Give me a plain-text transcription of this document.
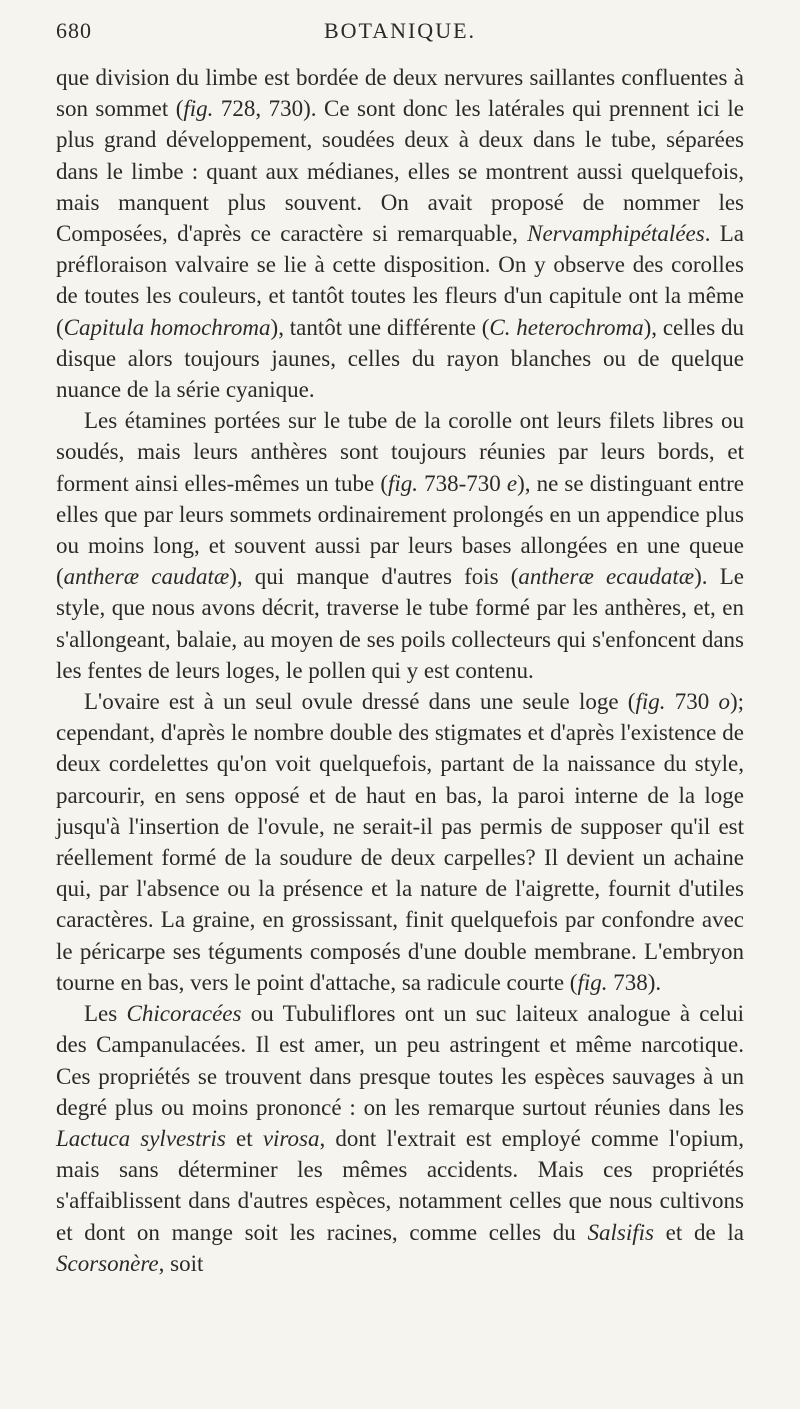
680	BOTANIQUE.

que division du limbe est bordée de deux nervures saillantes confluentes à son sommet (fig. 728, 730). Ce sont donc les latérales qui prennent ici le plus grand développement, soudées deux à deux dans le tube, séparées dans le limbe : quant aux médianes, elles se montrent aussi quelquefois, mais manquent plus souvent. On avait proposé de nommer les Composées, d'après ce caractère si remarquable, Nervamphipétalées. La préfloraison valvaire se lie à cette disposition. On y observe des corolles de toutes les couleurs, et tantôt toutes les fleurs d'un capitule ont la même (Capitula homochroma), tantôt une différente (C. heterochroma), celles du disque alors toujours jaunes, celles du rayon blanches ou de quelque nuance de la série cyanique.

Les étamines portées sur le tube de la corolle ont leurs filets libres ou soudés, mais leurs anthères sont toujours réunies par leurs bords, et forment ainsi elles-mêmes un tube (fig. 738-730 e), ne se distinguant entre elles que par leurs sommets ordinairement prolongés en un appendice plus ou moins long, et souvent aussi par leurs bases allongées en une queue (antheræ caudatæ), qui manque d'autres fois (antheræ ecaudatæ). Le style, que nous avons décrit, traverse le tube formé par les anthères, et, en s'allongeant, balaie, au moyen de ses poils collecteurs qui s'enfoncent dans les fentes de leurs loges, le pollen qui y est contenu.

L'ovaire est à un seul ovule dressé dans une seule loge (fig. 730 o); cependant, d'après le nombre double des stigmates et d'après l'existence de deux cordelettes qu'on voit quelquefois, partant de la naissance du style, parcourir, en sens opposé et de haut en bas, la paroi interne de la loge jusqu'à l'insertion de l'ovule, ne serait-il pas permis de supposer qu'il est réellement formé de la soudure de deux carpelles? Il devient un achaine qui, par l'absence ou la présence et la nature de l'aigrette, fournit d'utiles caractères. La graine, en grossissant, finit quelquefois par confondre avec le péricarpe ses téguments composés d'une double membrane. L'embryon tourne en bas, vers le point d'attache, sa radicule courte (fig. 738).

Les Chicoracées ou Tubuliflores ont un suc laiteux analogue à celui des Campanulacées. Il est amer, un peu astringent et même narcotique. Ces propriétés se trouvent dans presque toutes les espèces sauvages à un degré plus ou moins prononcé : on les remarque surtout réunies dans les Lactuca sylvestris et virosa, dont l'extrait est employé comme l'opium, mais sans déterminer les mêmes accidents. Mais ces propriétés s'affaiblissent dans d'autres espèces, notamment celles que nous cultivons et dont on mange soit les racines, comme celles du Salsifis et de la Scorsonère, soit
